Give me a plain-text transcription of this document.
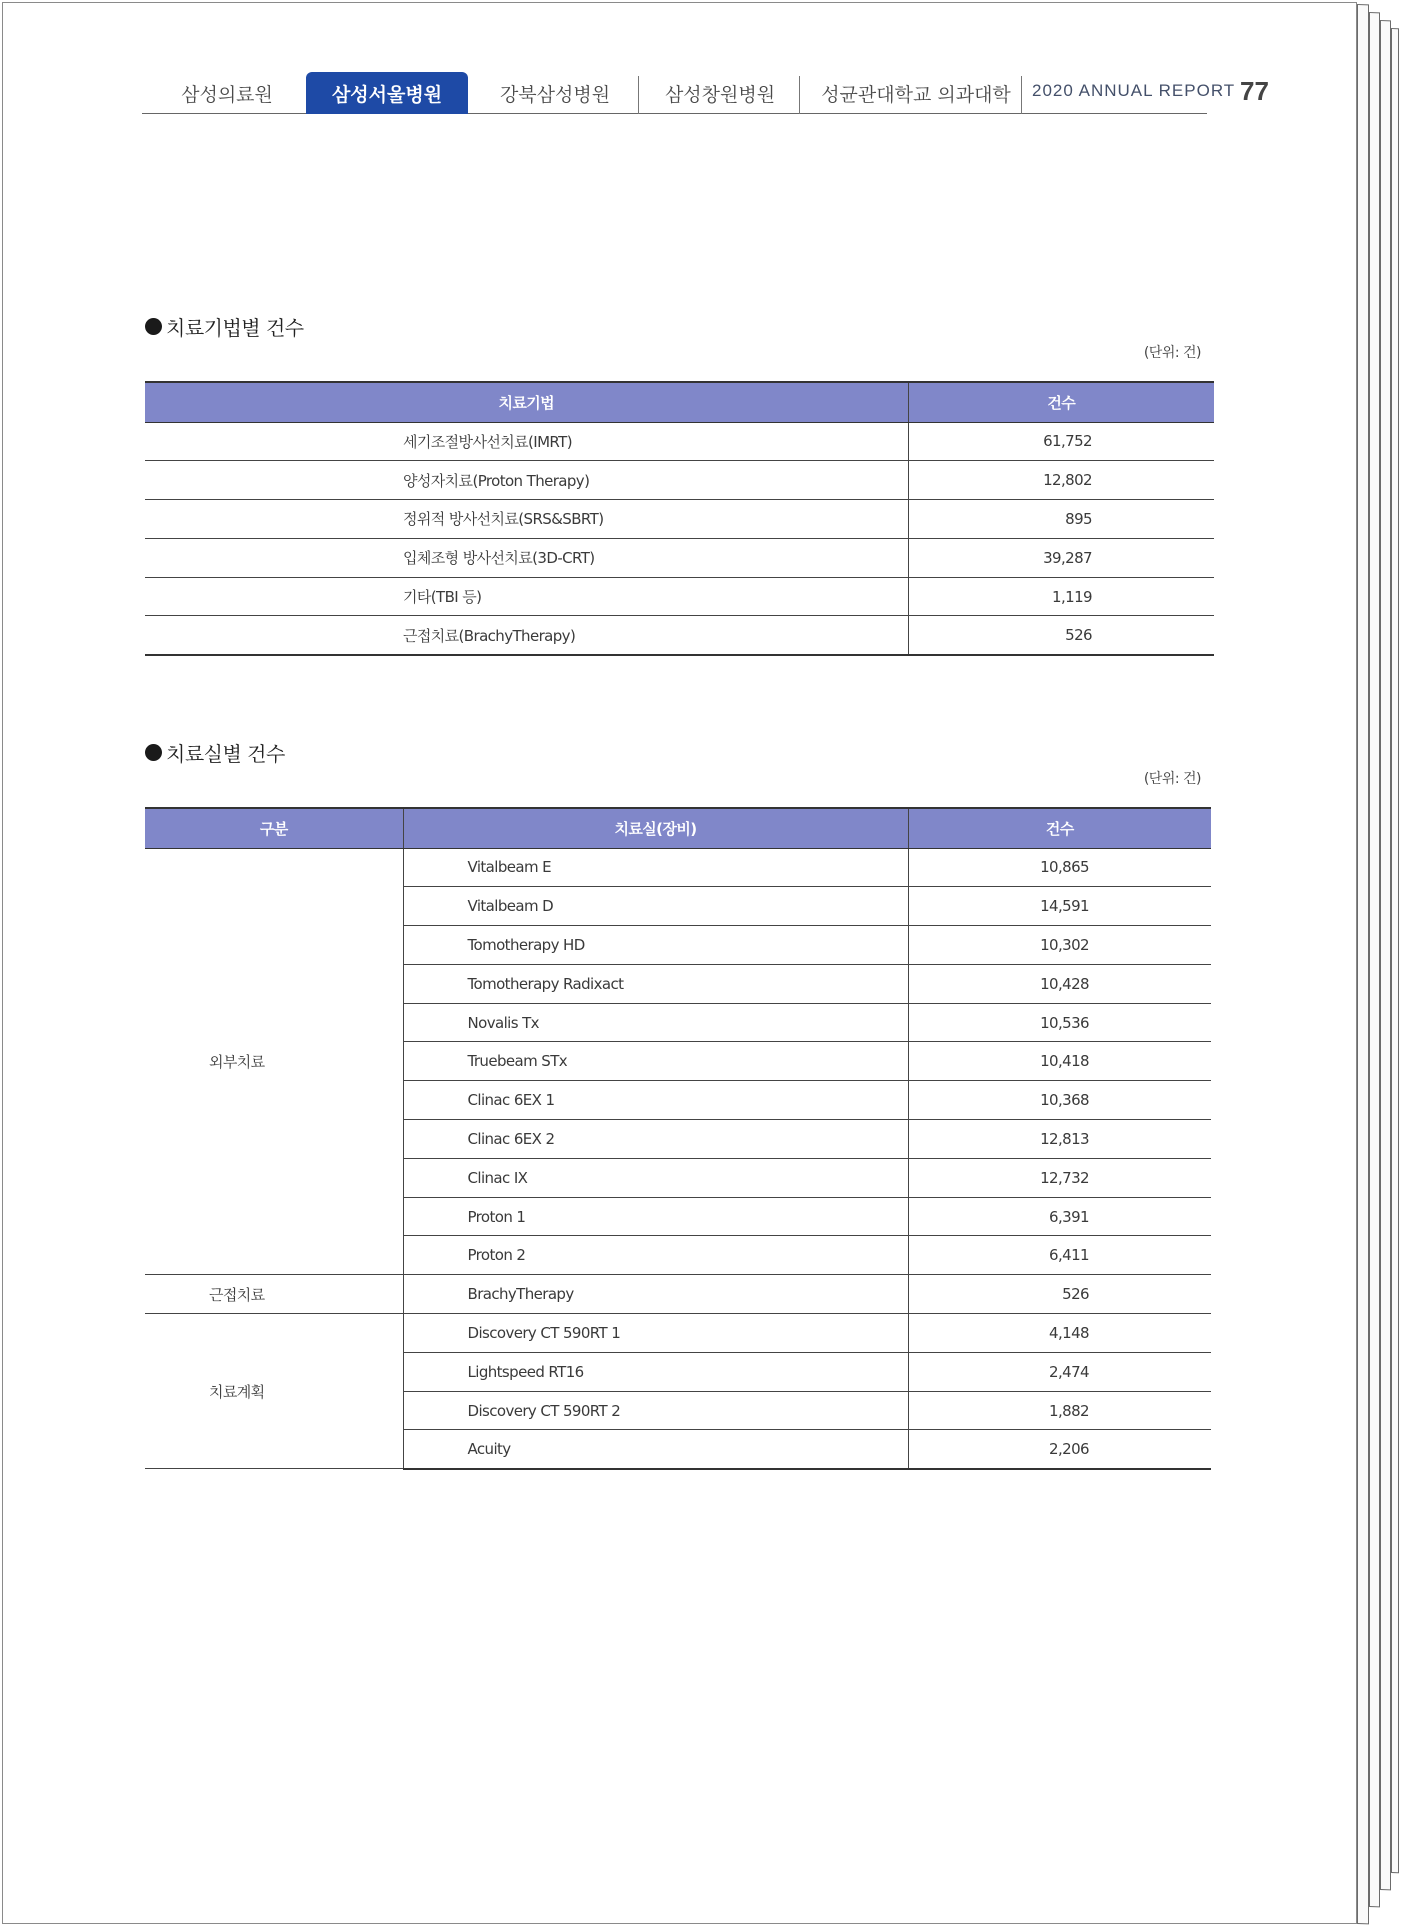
삼성의료원	삼성서울병원	강북삼성병원	삼성창원병원	성균관대학교 의과대학	2020 ANNUAL REPORT 77
치료기법별 건수
(단위: 건)
치료기법	건수
세기조절방사선치료(IMRT)	61,752
양성자치료(Proton Therapy)	12,802
정위적 방사선치료(SRS&SBRT)	895
입체조형 방사선치료(3D-CRT)	39,287
기타(TBI 등)	1,119
근접치료(BrachyTherapy)	526
치료실별 건수
(단위: 건)
구분	치료실(장비)	건수
외부치료	Vitalbeam E	10,865
	Vitalbeam D	14,591
	Tomotherapy HD	10,302
	Tomotherapy Radixact	10,428
	Novalis Tx	10,536
	Truebeam STx	10,418
	Clinac 6EX 1	10,368
	Clinac 6EX 2	12,813
	Clinac IX	12,732
	Proton 1	6,391
	Proton 2	6,411
근접치료	BrachyTherapy	526
치료계획	Discovery CT 590RT 1	4,148
	Lightspeed RT16	2,474
	Discovery CT 590RT 2	1,882
	Acuity	2,206
